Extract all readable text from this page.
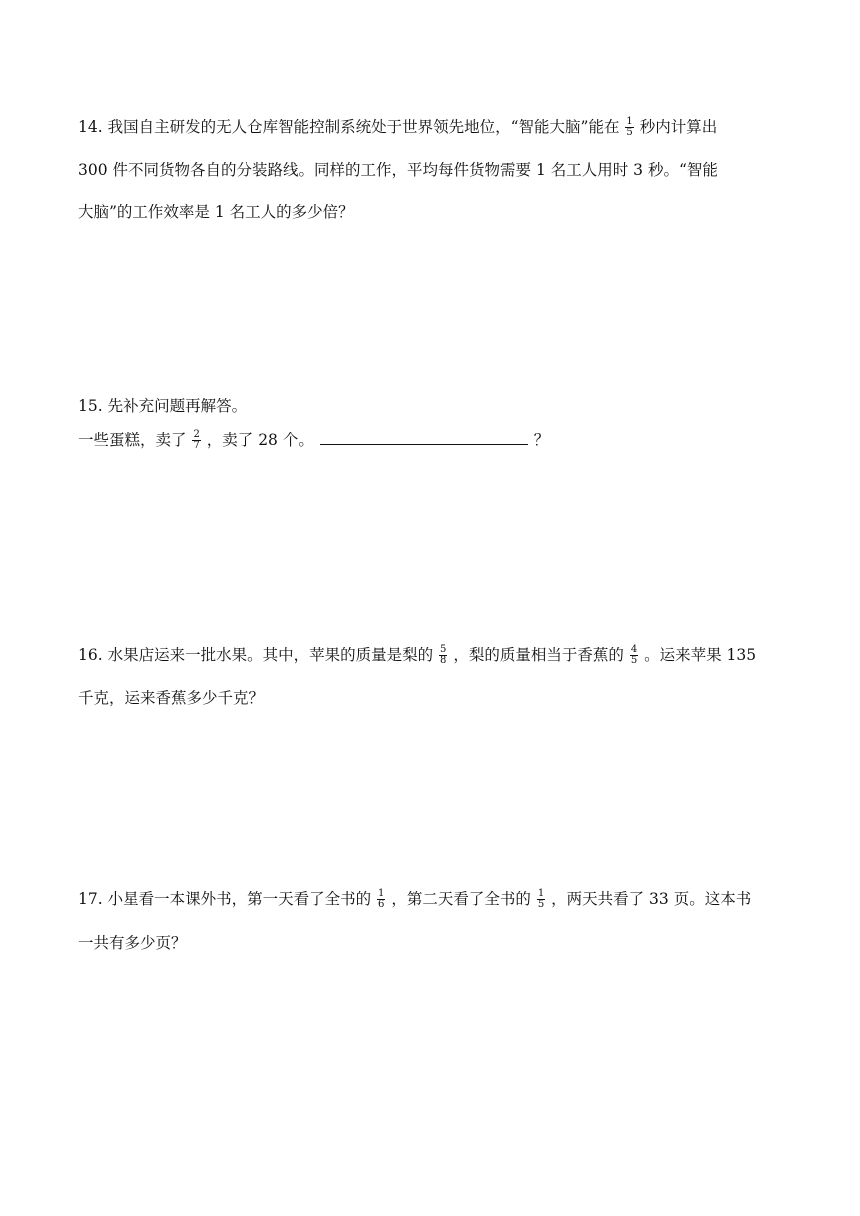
14. 我国自主研发的无人仓库智能控制系统处于世界领先地位，“智能大脑”能在 $\frac{1}{5}$ 秒内计算出
300 件不同货物各自的分装路线。同样的工作，平均每件货物需要 1 名工人用时 3 秒。“智能
大脑”的工作效率是 1 名工人的多少倍？
15. 先补充问题再解答。
一些蛋糕，卖了 $\frac{2}{7}$ ，卖了 28 个。	？
16. 水果店运来一批水果。其中，苹果的质量是梨的 $\frac{5}{8}$ ，梨的质量相当于香蕉的 $\frac{4}{5}$ 。运来苹果 135
千克，运来香蕉多少千克？
17. 小星看一本课外书，第一天看了全书的 $\frac{1}{6}$ ，第二天看了全书的 $\frac{1}{5}$ ，两天共看了 33 页。这本书
一共有多少页？
